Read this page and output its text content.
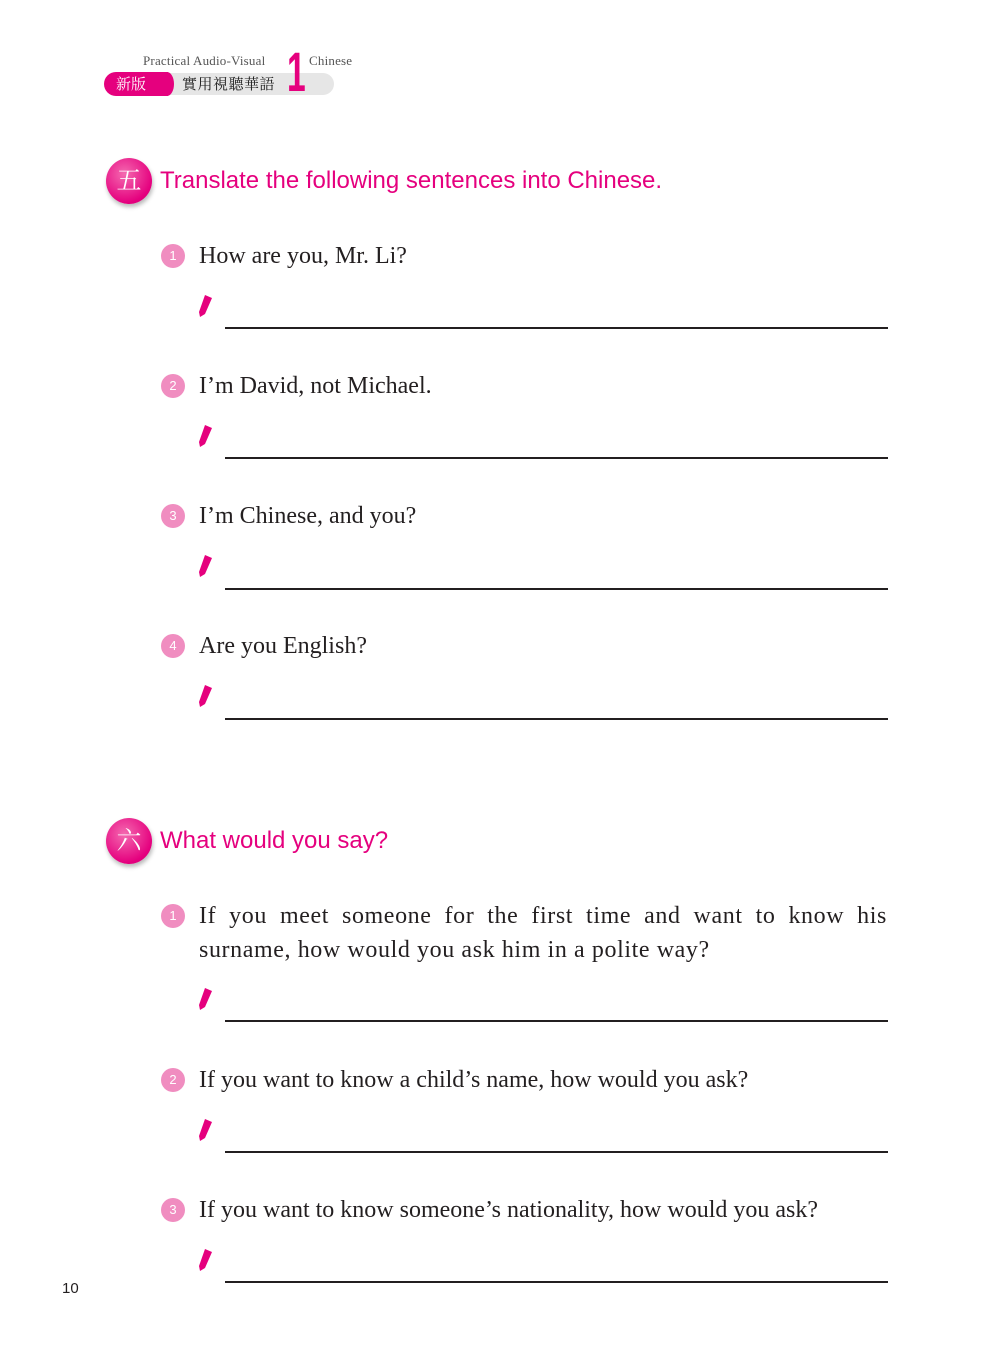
Practical Audio-Visual	Chinese
新版	實用視聽華語 1
五 Translate the following sentences into Chinese.
1 How are you, Mr. Li?
2 I’m David, not Michael.
3 I’m Chinese, and you?
4 Are you English?
六 What would you say?
1 If you meet someone for the first time and want to know his surname, how would you ask him in a polite way?
2 If you want to know a child’s name, how would you ask?
3 If you want to know someone’s nationality, how would you ask?
10
